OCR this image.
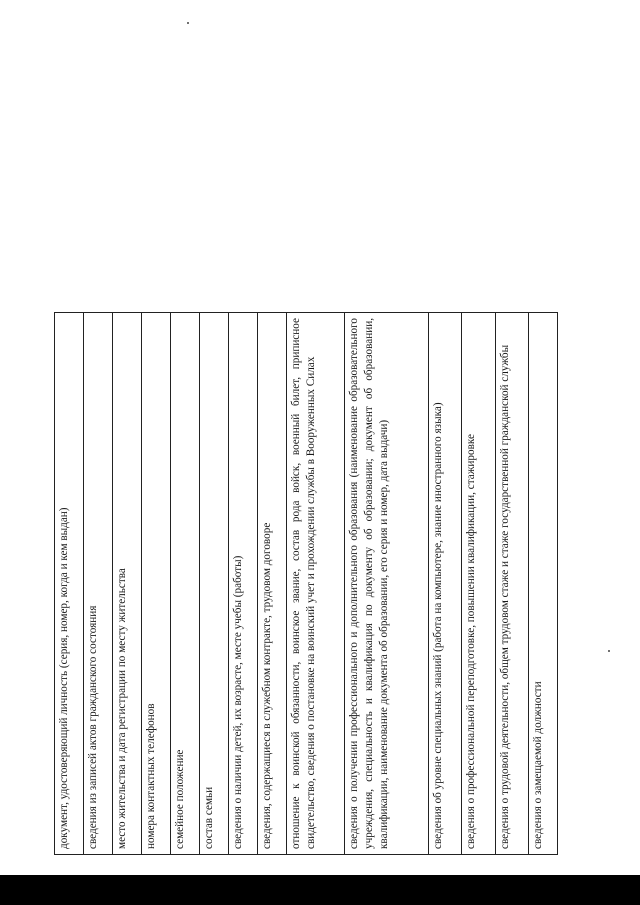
документ, удостоверяющий личность (серия, номер, когда и кем выдан)
сведения из записей актов гражданского состояния
место жительства и дата регистрации по месту жительства
номера контактных телефонов
семейное положение
состав семьи
сведения о наличии детей, их возрасте, месте учебы (работы)
сведения, содержащиеся в служебном контракте, трудовом договоре
отношение к воинской обязанности, воинское звание, состав рода войск, военный билет, приписное свидетельство, сведения о постановке на воинский учет и прохождении службы в Вооруженных Силах
сведения о получении профессионального и дополнительного образования (наименование образовательного учреждения, специальность и квалификация по документу об образовании; документ об образовании, квалификации, наименование документа об образовании, его серия и номер, дата выдачи)
сведения об уровне специальных знаний (работа на компьютере, знание иностранного языка)
сведения о профессиональной переподготовке, повышении квалификации, стажировке
сведения о трудовой деятельности, общем трудовом стаже и стаже государственной гражданской службы
сведения о замещаемой должности
